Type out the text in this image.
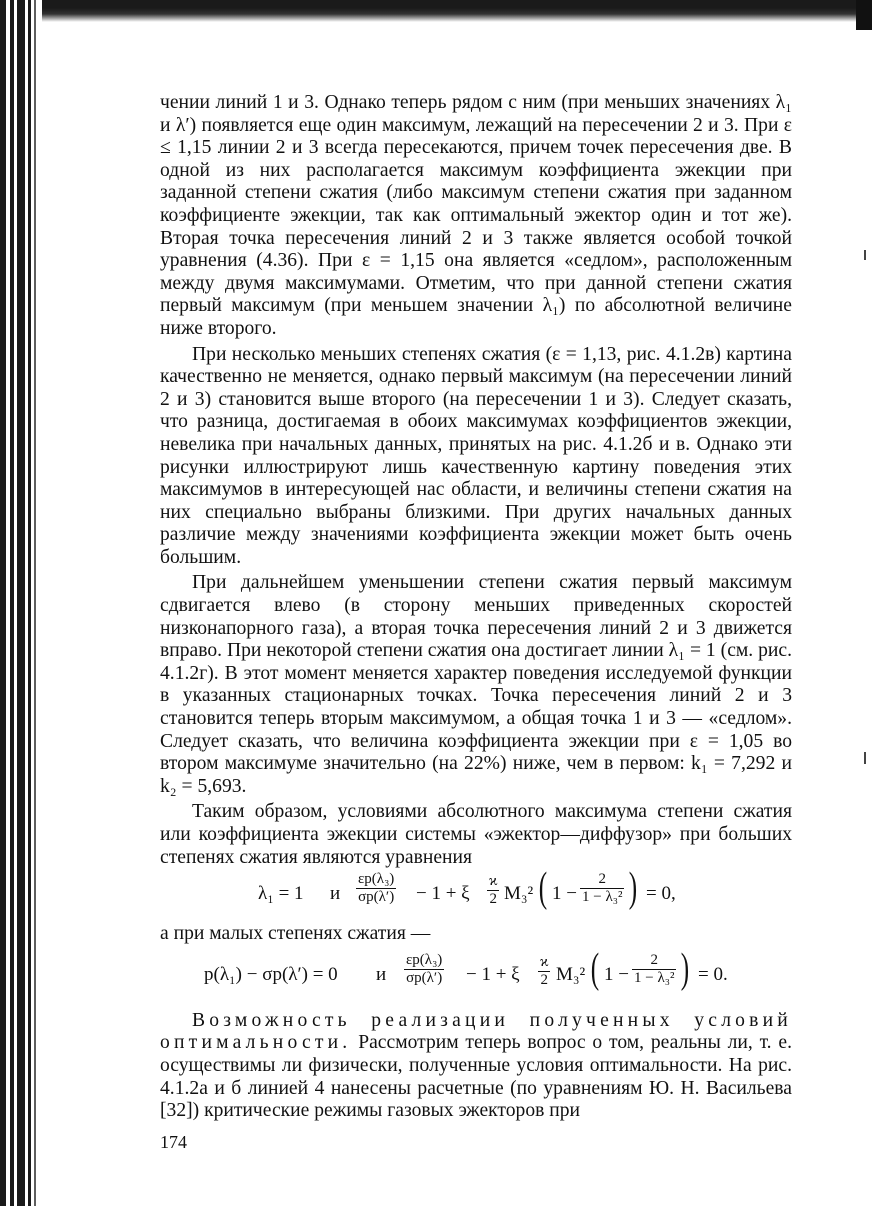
чении линий 1 и 3. Однако теперь рядом с ним (при меньших значениях λ₁ и λ′) появляется еще один максимум, лежащий на пересечении 2 и 3. При ε ≤ 1,15 линии 2 и 3 всегда пересекаются, причем точек пересечения две. В одной из них располагается максимум коэффициента эжекции при заданной степени сжатия (либо максимум степени сжатия при заданном коэффициенте эжекции, так как оптимальный эжектор один и тот же). Вторая точка пересечения линий 2 и 3 также является особой точкой уравнения (4.36). При ε = 1,15 она является «седлом», расположенным между двумя максимумами. Отметим, что при данной степени сжатия первый максимум (при меньшем значении λ₁) по абсолютной величине ниже второго.

При несколько меньших степенях сжатия (ε = 1,13, рис. 4.1.2в) картина качественно не меняется, однако первый максимум (на пересечении линий 2 и 3) становится выше второго (на пересечении 1 и 3). Следует сказать, что разница, достигаемая в обоих максимумах коэффициентов эжекции, невелика при начальных данных, принятых на рис. 4.1.2б и в. Однако эти рисунки иллюстрируют лишь качественную картину поведения этих максимумов в интересующей нас области, и величины степени сжатия на них специально выбраны близкими. При других начальных данных различие между значениями коэффициента эжекции может быть очень большим.

При дальнейшем уменьшении степени сжатия первый максимум сдвигается влево (в сторону меньших приведенных скоростей низконапорного газа), а вторая точка пересечения линий 2 и 3 движется вправо. При некоторой степени сжатия она достигает линии λ₁ = 1 (см. рис. 4.1.2г). В этот момент меняется характер поведения исследуемой функции в указанных стационарных точках. Точка пересечения линий 2 и 3 становится теперь вторым максимумом, а общая точка 1 и 3 — «седлом». Следует сказать, что величина коэффициента эжекции при ε = 1,05 во втором максимуме значительно (на 22%) ниже, чем в первом: k₁ = 7,292 и k₂ = 5,693.

Таким образом, условиями абсолютного максимума степени сжатия или коэффициента эжекции системы «эжектор—диффузор» при больших степенях сжатия являются уравнения

λ₁ = 1 и $\frac{\text{εp(λ₃)}}{\sigma p(\lambda')} - 1 + \xi \frac{ϰ}{2} M_3^2$ ( $1 - \frac{2}{\text{1 − λ₃²}}$ ) = 0,

а при малых степенях сжатия —

p(λ₁) − σp(λ′) = 0 и $\frac{\text{εp(λ₃)}}{\sigma p(\lambda')} - 1 + \xi \frac{ϰ}{2} M_3^2$ ( $1 - \frac{2}{\text{1 − λ₃²}}$ ) = 0.

Возможность реализации полученных условий оптимальности. Рассмотрим теперь вопрос о том, реальны ли, т. е. осуществимы ли физически, полученные условия оптимальности. На рис. 4.1.2а и б линией 4 нанесены расчетные (по уравнениям Ю. Н. Васильева [32]) критические режимы газовых эжекторов при

174
